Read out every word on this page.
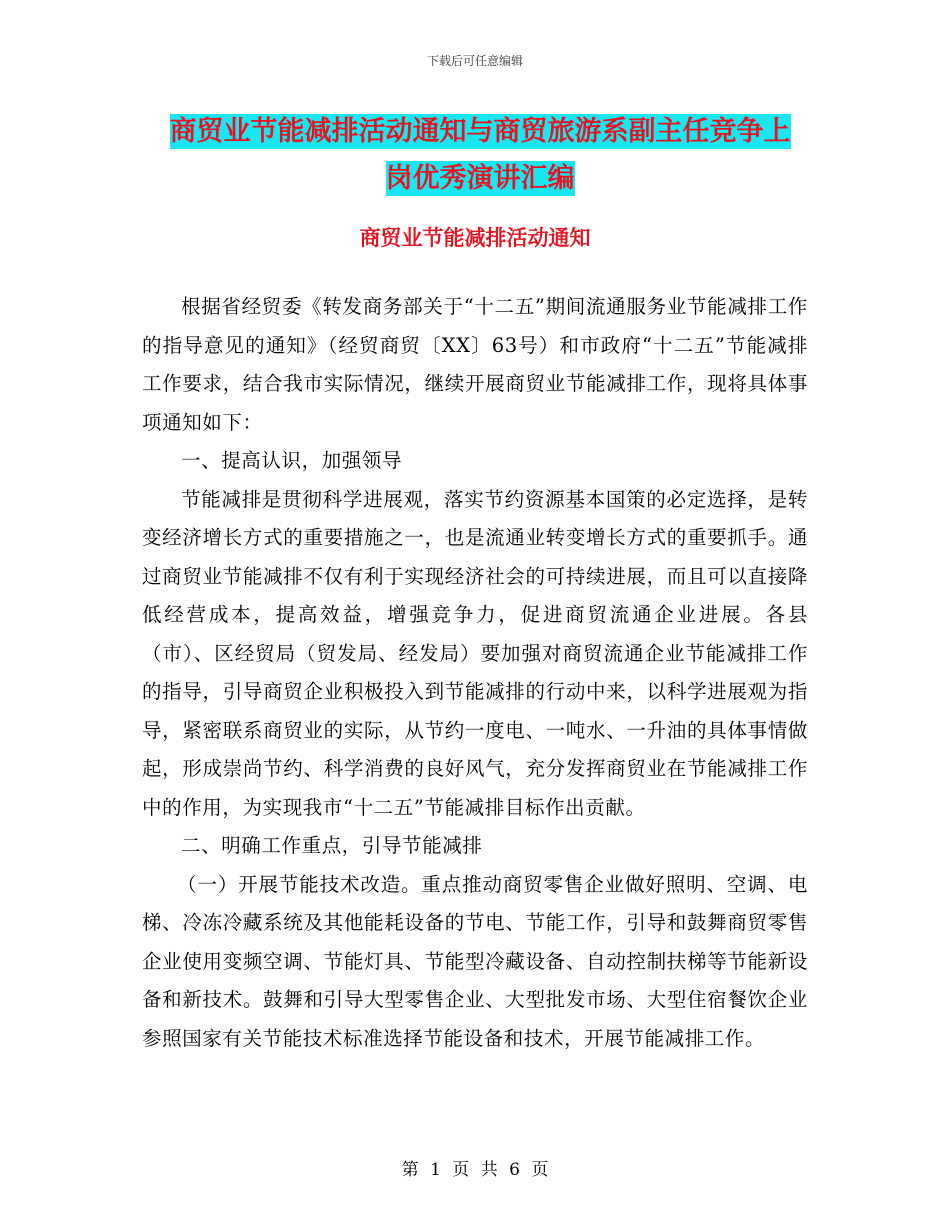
下载后可任意编辑
商贸业节能减排活动通知与商贸旅游系副主任竞争上
岗优秀演讲汇编
商贸业节能减排活动通知

根据省经贸委《转发商务部关于“十二五”期间流通服务业节能减排工作的指导意见的通知》（经贸商贸〔XX〕63号）和市政府“十二五”节能减排工作要求，结合我市实际情况，继续开展商贸业节能减排工作，现将具体事项通知如下：

一、提高认识，加强领导

节能减排是贯彻科学进展观，落实节约资源基本国策的必定选择，是转变经济增长方式的重要措施之一，也是流通业转变增长方式的重要抓手。通过商贸业节能减排不仅有利于实现经济社会的可持续进展，而且可以直接降低经营成本，提高效益，增强竞争力，促进商贸流通企业进展。各县（市）、区经贸局（贸发局、经发局）要加强对商贸流通企业节能减排工作的指导，引导商贸企业积极投入到节能减排的行动中来，以科学进展观为指导，紧密联系商贸业的实际，从节约一度电、一吨水、一升油的具体事情做起，形成崇尚节约、科学消费的良好风气，充分发挥商贸业在节能减排工作中的作用，为实现我市“十二五”节能减排目标作出贡献。

二、明确工作重点，引导节能减排

（一）开展节能技术改造。重点推动商贸零售企业做好照明、空调、电梯、冷冻冷藏系统及其他能耗设备的节电、节能工作，引导和鼓舞商贸零售企业使用变频空调、节能灯具、节能型冷藏设备、自动控制扶梯等节能新设备和新技术。鼓舞和引导大型零售企业、大型批发市场、大型住宿餐饮企业参照国家有关节能技术标准选择节能设备和技术，开展节能减排工作。

第 1 页 共 6 页
